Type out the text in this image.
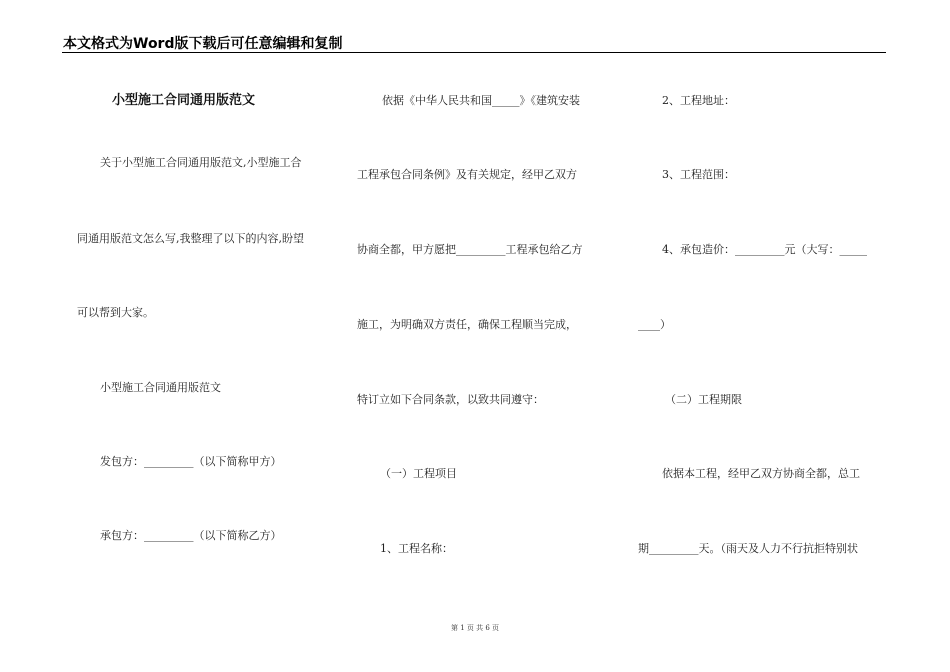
本文格式为Word版下载后可任意编辑和复制
小型施工合同通用版范文
关于小型施工合同通用版范文,小型施工合
同通用版范文怎么写,我整理了以下的内容,盼望
可以帮到大家。
小型施工合同通用版范文
发包方：_________（以下简称甲方）
承包方：_________（以下简称乙方）
依据《中华人民共和国_____》《建筑安装
工程承包合同条例》及有关规定，经甲乙双方
协商全都，甲方愿把_________工程承包给乙方
施工，为明确双方责任，确保工程顺当完成，
特订立如下合同条款，以致共同遵守：
（一）工程项目
1、工程名称：
2、工程地址：
3、工程范围：
4、承包造价：_________元（大写：_____
____）
（二）工程期限
依据本工程，经甲乙双方协商全都，总工
期_________天。（雨天及人力不行抗拒特别状
第 1 页 共 6 页
